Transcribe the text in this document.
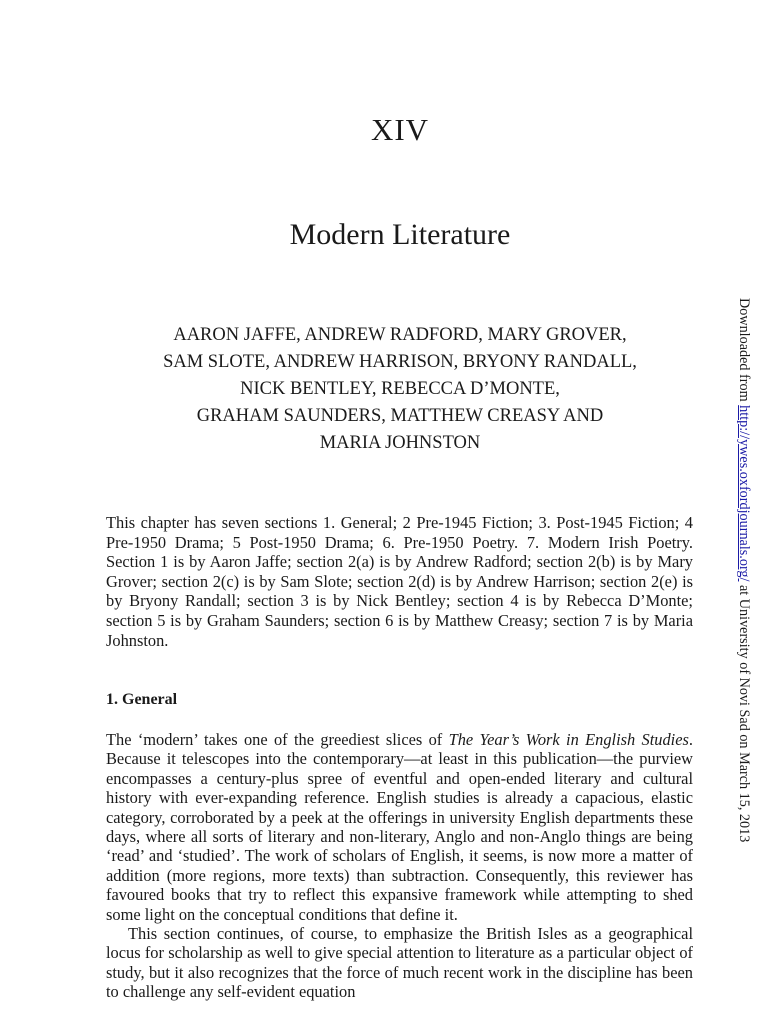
XIV
Modern Literature
AARON JAFFE, ANDREW RADFORD, MARY GROVER,
SAM SLOTE, ANDREW HARRISON, BRYONY RANDALL,
NICK BENTLEY, REBECCA D’MONTE,
GRAHAM SAUNDERS, MATTHEW CREASY AND
MARIA JOHNSTON
This chapter has seven sections 1. General; 2 Pre-1945 Fiction; 3. Post-1945 Fiction; 4 Pre-1950 Drama; 5 Post-1950 Drama; 6. Pre-1950 Poetry. 7. Modern Irish Poetry. Section 1 is by Aaron Jaffe; section 2(a) is by Andrew Radford; section 2(b) is by Mary Grover; section 2(c) is by Sam Slote; section 2(d) is by Andrew Harrison; section 2(e) is by Bryony Randall; section 3 is by Nick Bentley; section 4 is by Rebecca D’Monte; section 5 is by Graham Saunders; section 6 is by Matthew Creasy; section 7 is by Maria Johnston.
1. General

The ‘modern’ takes one of the greediest slices of The Year’s Work in English Studies. Because it telescopes into the contemporary—at least in this publication—the purview encompasses a century-plus spree of eventful and open-ended literary and cultural history with ever-expanding reference. English studies is already a capacious, elastic category, corroborated by a peek at the offerings in university English departments these days, where all sorts of literary and non-literary, Anglo and non-Anglo things are being ‘read’ and ‘studied’. The work of scholars of English, it seems, is now more a matter of addition (more regions, more texts) than subtraction. Consequently, this reviewer has favoured books that try to reflect this expansive framework while attempting to shed some light on the conceptual conditions that define it.

This section continues, of course, to emphasize the British Isles as a geographical locus for scholarship as well to give special attention to literature as a particular object of study, but it also recognizes that the force of much recent work in the discipline has been to challenge any self-evident equation

Downloaded from http://ywes.oxfordjournals.org/ at University of Novi Sad on March 15, 2013
